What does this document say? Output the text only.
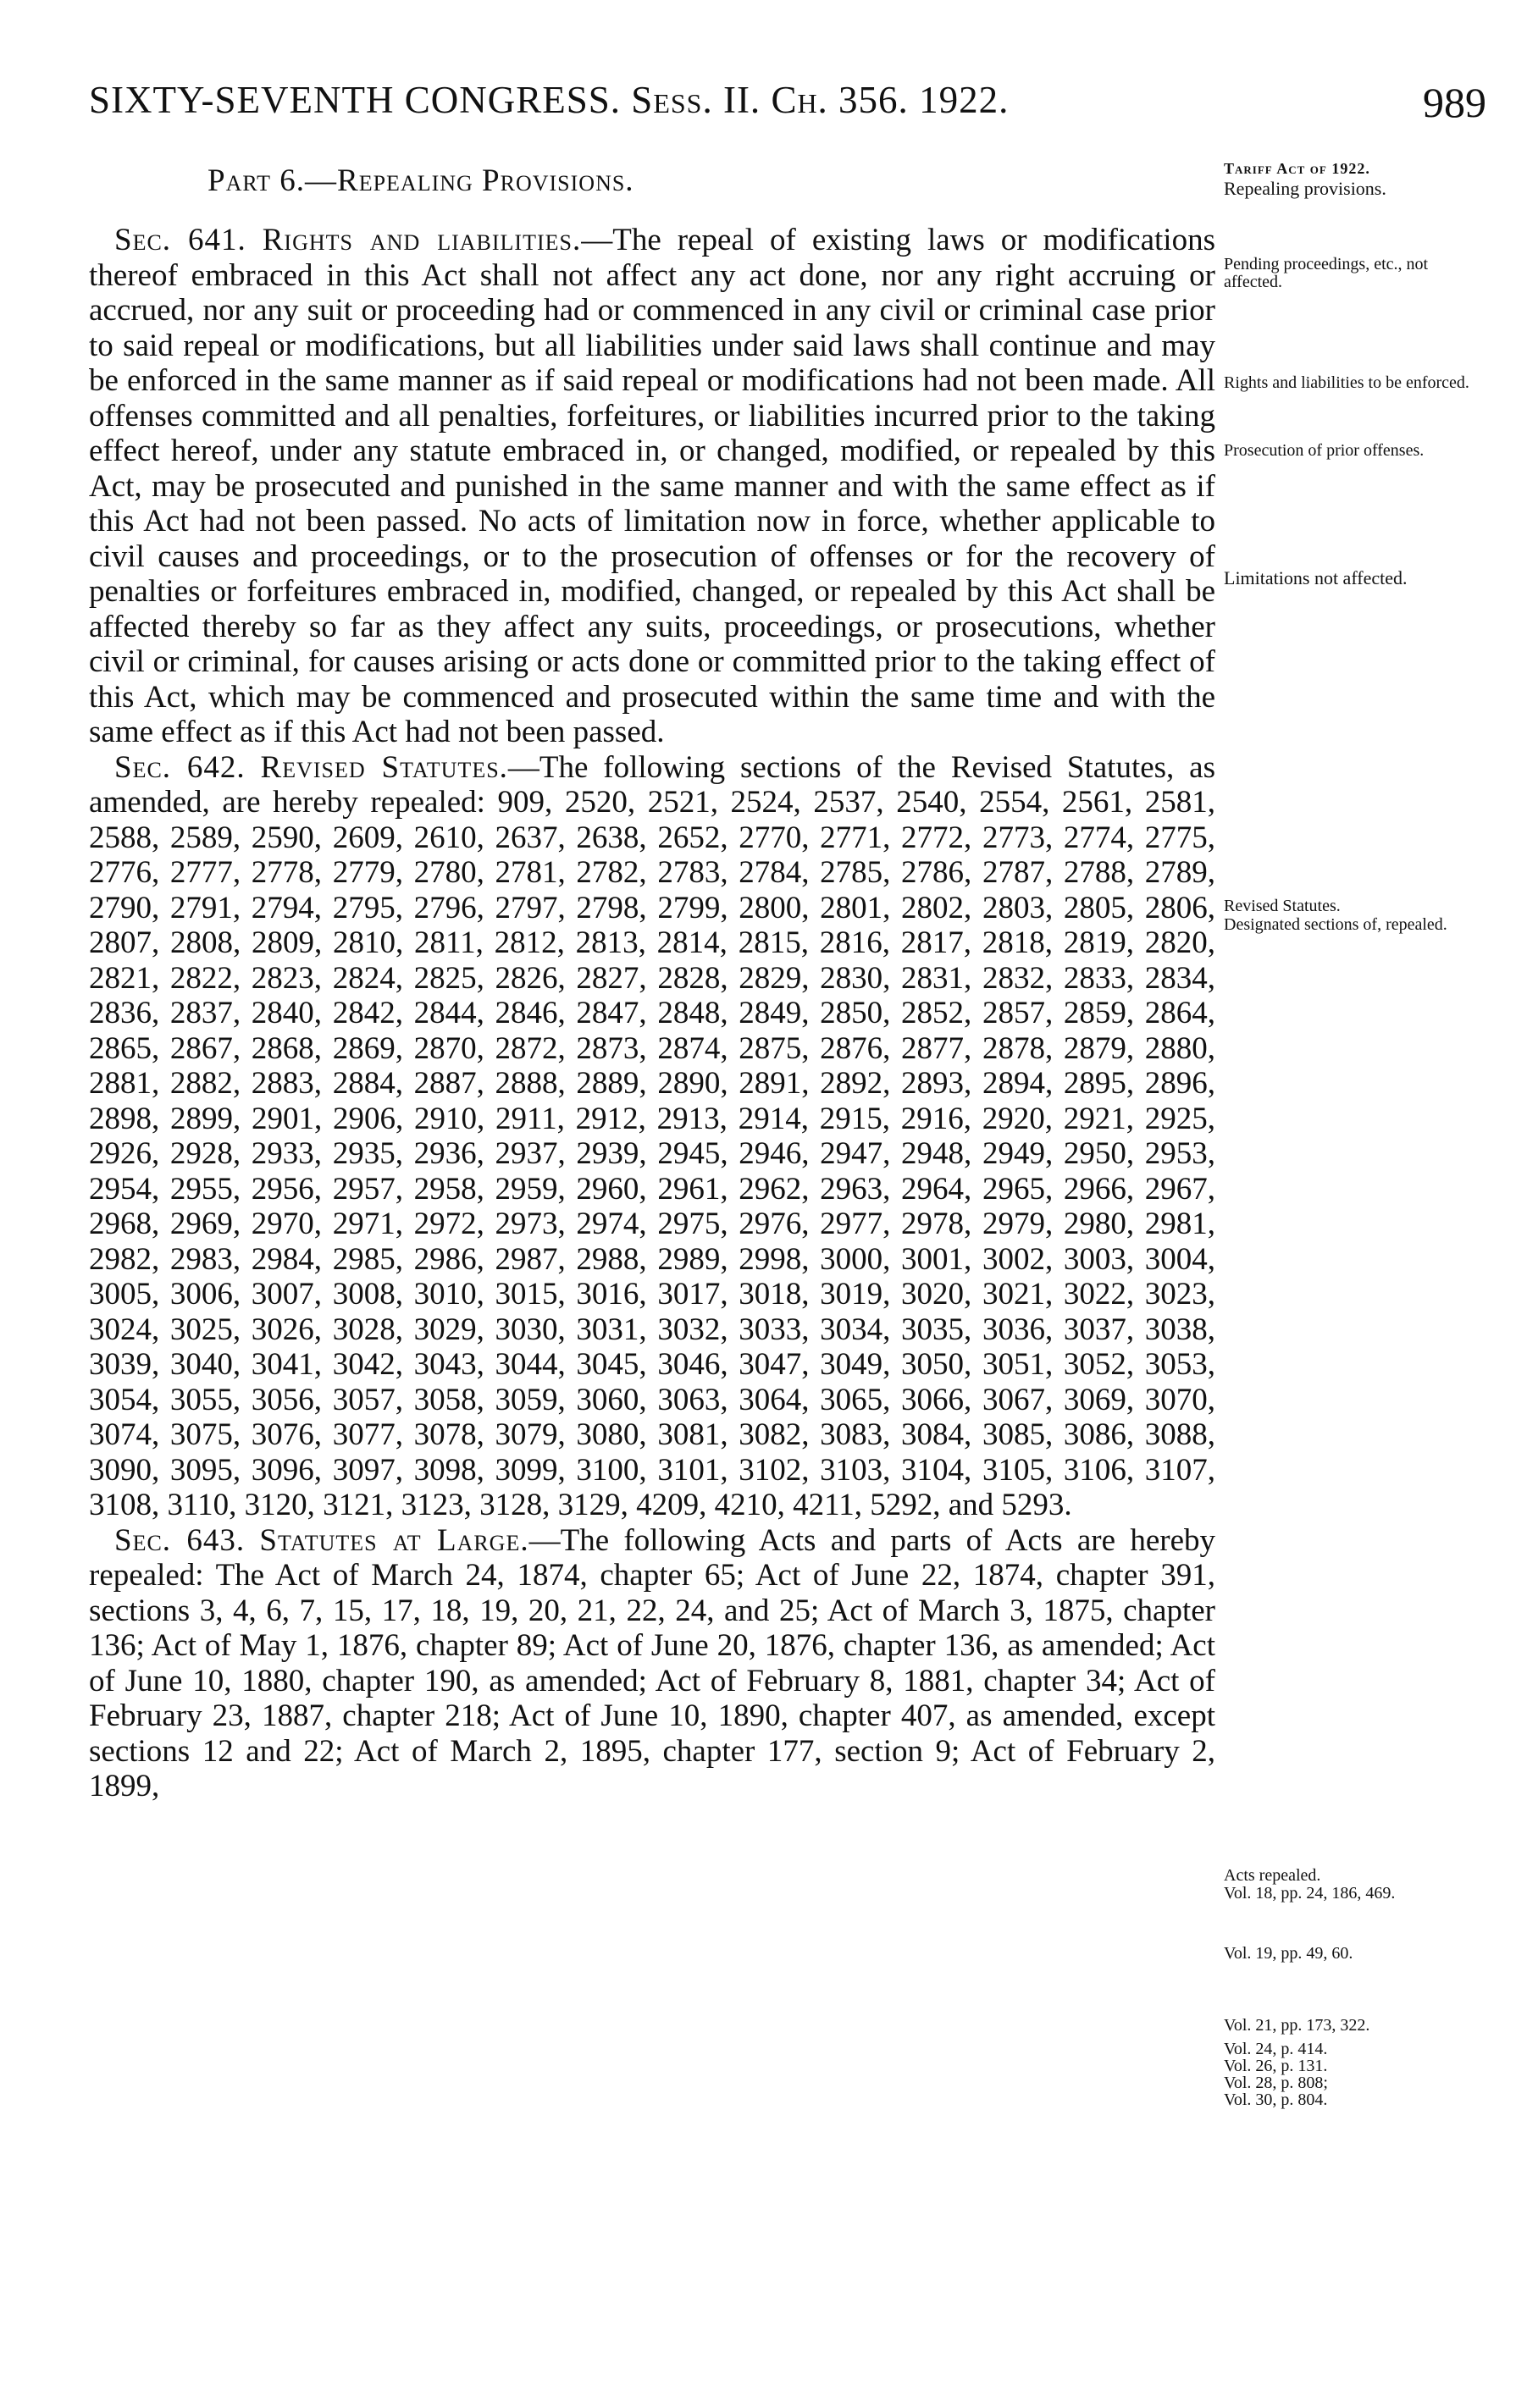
SIXTY-SEVENTH CONGRESS. Sess. II. Ch. 356. 1922.	989
Part 6.—Repealing Provisions.

Sec. 641. Rights and liabilities.—The repeal of existing laws or modifications thereof embraced in this Act shall not affect any act done, nor any right accruing or accrued, nor any suit or proceeding had or commenced in any civil or criminal case prior to said repeal or modifications, but all liabilities under said laws shall continue and may be enforced in the same manner as if said repeal or modifications had not been made. All offenses committed and all penalties, forfeitures, or liabilities incurred prior to the taking effect hereof, under any statute embraced in, or changed, modified, or repealed by this Act, may be prosecuted and punished in the same manner and with the same effect as if this Act had not been passed. No acts of limitation now in force, whether applicable to civil causes and proceedings, or to the prosecution of offenses or for the recovery of penalties or forfeitures embraced in, modified, changed, or repealed by this Act shall be affected thereby so far as they affect any suits, proceedings, or prosecutions, whether civil or criminal, for causes arising or acts done or committed prior to the taking effect of this Act, which may be commenced and prosecuted within the same time and with the same effect as if this Act had not been passed.

Sec. 642. Revised Statutes.—The following sections of the Revised Statutes, as amended, are hereby repealed: 909, 2520, 2521, 2524, 2537, 2540, 2554, 2561, 2581, 2588, 2589, 2590, 2609, 2610, 2637, 2638, 2652, 2770, 2771, 2772, 2773, 2774, 2775, 2776, 2777, 2778, 2779, 2780, 2781, 2782, 2783, 2784, 2785, 2786, 2787, 2788, 2789, 2790, 2791, 2794, 2795, 2796, 2797, 2798, 2799, 2800, 2801, 2802, 2803, 2805, 2806, 2807, 2808, 2809, 2810, 2811, 2812, 2813, 2814, 2815, 2816, 2817, 2818, 2819, 2820, 2821, 2822, 2823, 2824, 2825, 2826, 2827, 2828, 2829, 2830, 2831, 2832, 2833, 2834, 2836, 2837, 2840, 2842, 2844, 2846, 2847, 2848, 2849, 2850, 2852, 2857, 2859, 2864, 2865, 2867, 2868, 2869, 2870, 2872, 2873, 2874, 2875, 2876, 2877, 2878, 2879, 2880, 2881, 2882, 2883, 2884, 2887, 2888, 2889, 2890, 2891, 2892, 2893, 2894, 2895, 2896, 2898, 2899, 2901, 2906, 2910, 2911, 2912, 2913, 2914, 2915, 2916, 2920, 2921, 2925, 2926, 2928, 2933, 2935, 2936, 2937, 2939, 2945, 2946, 2947, 2948, 2949, 2950, 2953, 2954, 2955, 2956, 2957, 2958, 2959, 2960, 2961, 2962, 2963, 2964, 2965, 2966, 2967, 2968, 2969, 2970, 2971, 2972, 2973, 2974, 2975, 2976, 2977, 2978, 2979, 2980, 2981, 2982, 2983, 2984, 2985, 2986, 2987, 2988, 2989, 2998, 3000, 3001, 3002, 3003, 3004, 3005, 3006, 3007, 3008, 3010, 3015, 3016, 3017, 3018, 3019, 3020, 3021, 3022, 3023, 3024, 3025, 3026, 3028, 3029, 3030, 3031, 3032, 3033, 3034, 3035, 3036, 3037, 3038, 3039, 3040, 3041, 3042, 3043, 3044, 3045, 3046, 3047, 3049, 3050, 3051, 3052, 3053, 3054, 3055, 3056, 3057, 3058, 3059, 3060, 3063, 3064, 3065, 3066, 3067, 3069, 3070, 3074, 3075, 3076, 3077, 3078, 3079, 3080, 3081, 3082, 3083, 3084, 3085, 3086, 3088, 3090, 3095, 3096, 3097, 3098, 3099, 3100, 3101, 3102, 3103, 3104, 3105, 3106, 3107, 3108, 3110, 3120, 3121, 3123, 3128, 3129, 4209, 4210, 4211, 5292, and 5293.

Sec. 643. Statutes at Large.—The following Acts and parts of Acts are hereby repealed: The Act of March 24, 1874, chapter 65; Act of June 22, 1874, chapter 391, sections 3, 4, 6, 7, 15, 17, 18, 19, 20, 21, 22, 24, and 25; Act of March 3, 1875, chapter 136; Act of May 1, 1876, chapter 89; Act of June 20, 1876, chapter 136, as amended; Act of June 10, 1880, chapter 190, as amended; Act of February 8, 1881, chapter 34; Act of February 23, 1887, chapter 218; Act of June 10, 1890, chapter 407, as amended, except sections 12 and 22; Act of March 2, 1895, chapter 177, section 9; Act of February 2, 1899,

Tariff Act of 1922.
Repealing provisions.
Pending proceedings, etc., not affected.
Rights and liabilities to be enforced.
Prosecution of prior offenses.
Limitations not affected.
Revised Statutes.
Designated sections of, repealed.
Acts repealed.
Vol. 18, pp. 24, 186, 469.
Vol. 19, pp. 49, 60.
Vol. 21, pp. 173, 322.
Vol. 24, p. 414.
Vol. 26, p. 131.
Vol. 28, p. 808;
Vol. 30, p. 804.
